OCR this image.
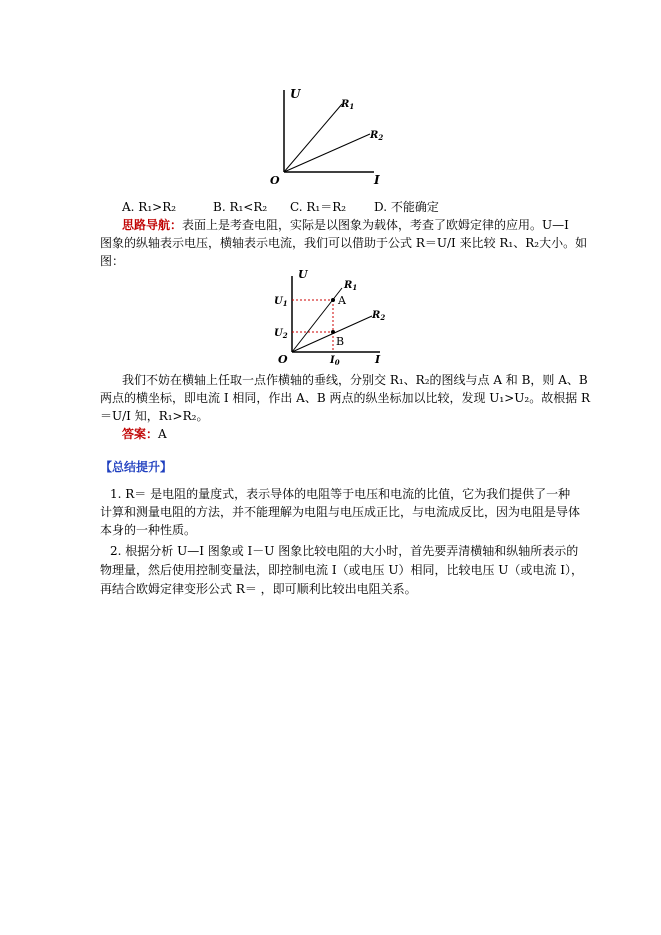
U
I
O
$R_1$
$R_2$
A. R₁>R₂	B. R₁<R₂ C. R₁＝R₂ D. 不能确定
思路导航：表面上是考查电阻，实际是以图象为载体，考查了欧姆定律的应用。U—I
图象的纵轴表示电压，横轴表示电流，我们可以借助于公式 R＝U/I 来比较 R₁、R₂大小。如
图：
U
I
O
$U_1$
$U_2$
$I_0$
$R_1$
$R_2$
A
B
我们不妨在横轴上任取一点作横轴的垂线，分别交 R₁、R₂的图线与点 A 和 B，则 A、B
两点的横坐标，即电流 I 相同，作出 A、B 两点的纵坐标加以比较，发现 U₁>U₂。故根据 R
＝U/I 知，R₁>R₂。
答案：A
【总结提升】
1. R＝ 是电阻的量度式，表示导体的电阻等于电压和电流的比值，它为我们提供了一种
计算和测量电阻的方法，并不能理解为电阻与电压成正比，与电流成反比，因为电阻是导体
本身的一种性质。
2. 根据分析 U—I 图象或 I－U 图象比较电阻的大小时，首先要弄清横轴和纵轴所表示的
物理量，然后使用控制变量法，即控制电流 I（或电压 U）相同，比较电压 U（或电流 I），
再结合欧姆定律变形公式 R＝ ，即可顺利比较出电阻关系。
